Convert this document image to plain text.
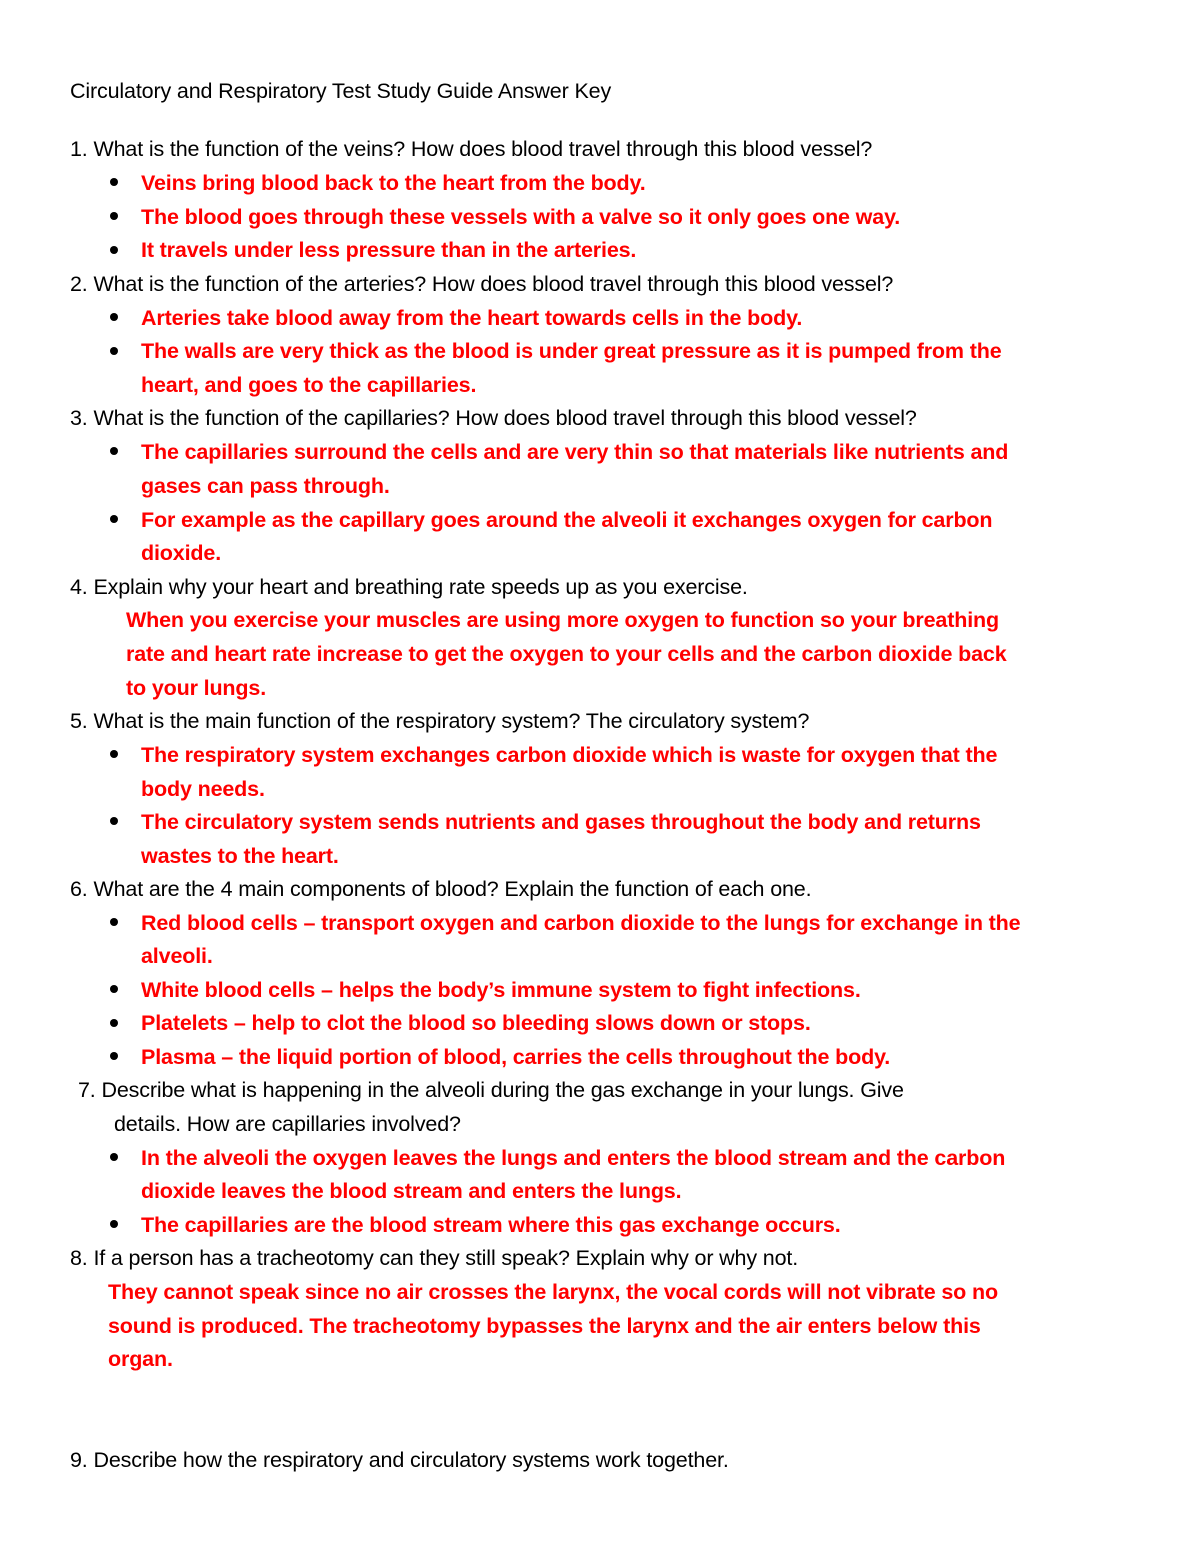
Circulatory and Respiratory Test Study Guide Answer Key
1. What is the function of the veins? How does blood travel through this blood vessel?
Veins bring blood back to the heart from the body.
The blood goes through these vessels with a valve so it only goes one way.
It travels under less pressure than in the arteries.
2. What is the function of the arteries? How does blood travel through this blood vessel?
Arteries take blood away from the heart towards cells in the body.
The walls are very thick as the blood is under great pressure as it is pumped from the
heart, and goes to the capillaries.
3. What is the function of the capillaries? How does blood travel through this blood vessel?
The capillaries surround the cells and are very thin so that materials like nutrients and
gases can pass through.
For example as the capillary goes around the alveoli it exchanges oxygen for carbon
dioxide.
4. Explain why your heart and breathing rate speeds up as you exercise.
When you exercise your muscles are using more oxygen to function so your breathing
rate and heart rate increase to get the oxygen to your cells and the carbon dioxide back
to your lungs.
5. What is the main function of the respiratory system? The circulatory system?
The respiratory system exchanges carbon dioxide which is waste for oxygen that the
body needs.
The circulatory system sends nutrients and gases throughout the body and returns
wastes to the heart.
6. What are the 4 main components of blood? Explain the function of each one.
Red blood cells – transport oxygen and carbon dioxide to the lungs for exchange in the
alveoli.
White blood cells – helps the body’s immune system to fight infections.
Platelets – help to clot the blood so bleeding slows down or stops.
Plasma – the liquid portion of blood, carries the cells throughout the body.
7. Describe what is happening in the alveoli during the gas exchange in your lungs. Give
details. How are capillaries involved?
In the alveoli the oxygen leaves the lungs and enters the blood stream and the carbon
dioxide leaves the blood stream and enters the lungs.
The capillaries are the blood stream where this gas exchange occurs.
8. If a person has a tracheotomy can they still speak? Explain why or why not.
They cannot speak since no air crosses the larynx, the vocal cords will not vibrate so no
sound is produced. The tracheotomy bypasses the larynx and the air enters below this
organ.
9. Describe how the respiratory and circulatory systems work together.
